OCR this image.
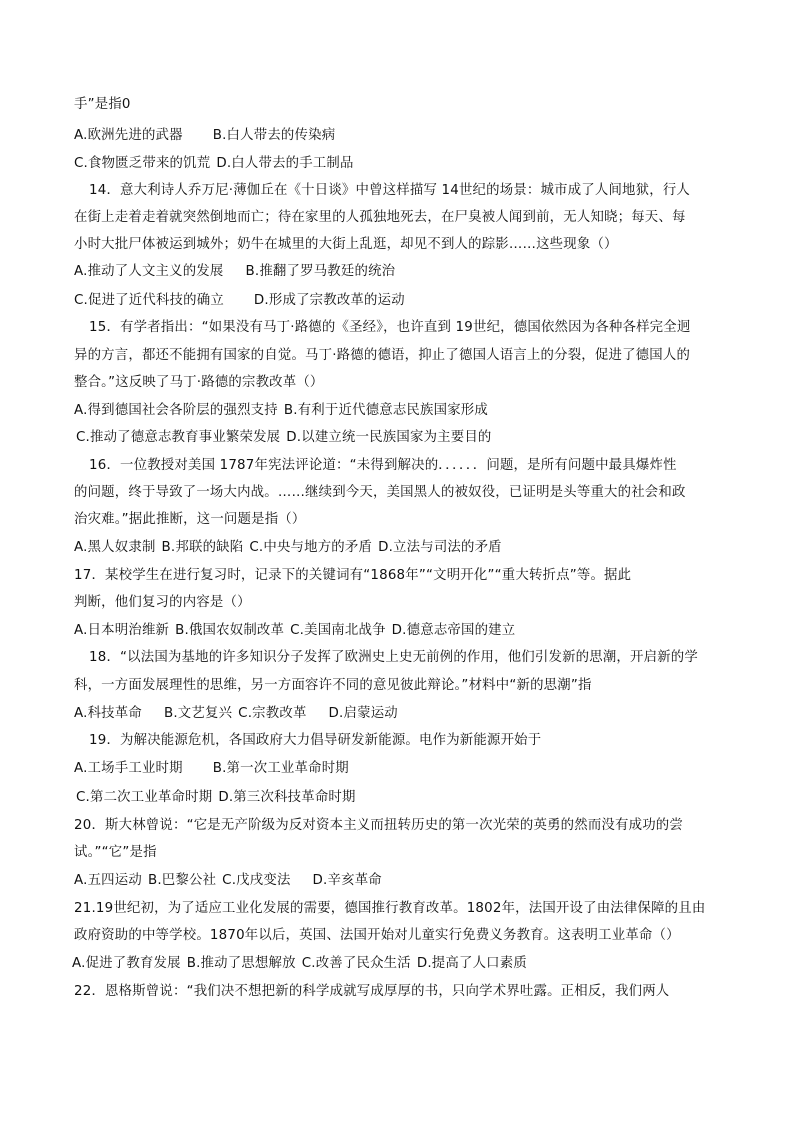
手”是指0
A.欧洲先进的武器 B.白人带去的传染病
C.食物匮乏带来的饥荒 D.白人带去的手工制品
14．意大利诗人乔万尼·薄伽丘在《十日谈》中曾这样描写 14世纪的场景：城市成了人间地狱，行人
在街上走着走着就突然倒地而亡；待在家里的人孤独地死去，在尸臭被人闻到前，无人知晓；每天、每
小时大批尸体被运到城外；奶牛在城里的大街上乱逛，却见不到人的踪影……这些现象（）
A.推动了人文主义的发展 B.推翻了罗马教廷的统治
C.促进了近代科技的确立 D.形成了宗教改革的运动
15．有学者指出：“如果没有马丁·路德的《圣经》，也许直到 19世纪，德国依然因为各种各样完全迥
异的方言，都还不能拥有国家的自觉。马丁·路德的德语，抑止了德国人语言上的分裂，促进了德国人的
整合。”这反映了马丁·路德的宗教改革（）
A.得到德国社会各阶层的强烈支持 B.有利于近代德意志民族国家形成
C.推动了德意志教育事业繁荣发展 D.以建立统一民族国家为主要目的
16．一位教授对美国 1787年宪法评论道：“未得到解决的．．．．．．问题，是所有问题中最具爆炸性
的问题，终于导致了一场大内战。……继续到今天，美国黑人的被奴役，已证明是头等重大的社会和政
治灾难。”据此推断，这一问题是指（）
A.黑人奴隶制 B.邦联的缺陷 C.中央与地方的矛盾 D.立法与司法的矛盾
17．某校学生在进行复习时，记录下的关键词有“1868年”“文明开化”“重大转折点”等。据此
判断，他们复习的内容是（）
A.日本明治维新 B.俄国农奴制改革 C.美国南北战争 D.德意志帝国的建立
18．“以法国为基地的许多知识分子发挥了欧洲史上史无前例的作用，他们引发新的思潮，开启新的学
科，一方面发展理性的思维，另一方面容许不同的意见彼此辩论。”材料中“新的思潮”指
A.科技革命 B.文艺复兴 C.宗教改革 D.启蒙运动
19．为解决能源危机，各国政府大力倡导研发新能源。电作为新能源开始于
A.工场手工业时期 B.第一次工业革命时期
C.第二次工业革命时期 D.第三次科技革命时期
20．斯大林曾说：“它是无产阶级为反对资本主义而扭转历史的第一次光荣的英勇的然而没有成功的尝
试。”“它”是指
A.五四运动 B.巴黎公社 C.戊戌变法 D.辛亥革命
21.19世纪初，为了适应工业化发展的需要，德国推行教育改革。1802年，法国开设了由法律保障的且由
政府资助的中等学校。1870年以后，英国、法国开始对儿童实行免费义务教育。这表明工业革命（）
A.促进了教育发展 B.推动了思想解放 C.改善了民众生活 D.提高了人口素质
22．恩格斯曾说：“我们决不想把新的科学成就写成厚厚的书，只向学术界吐露。正相反，我们两人
